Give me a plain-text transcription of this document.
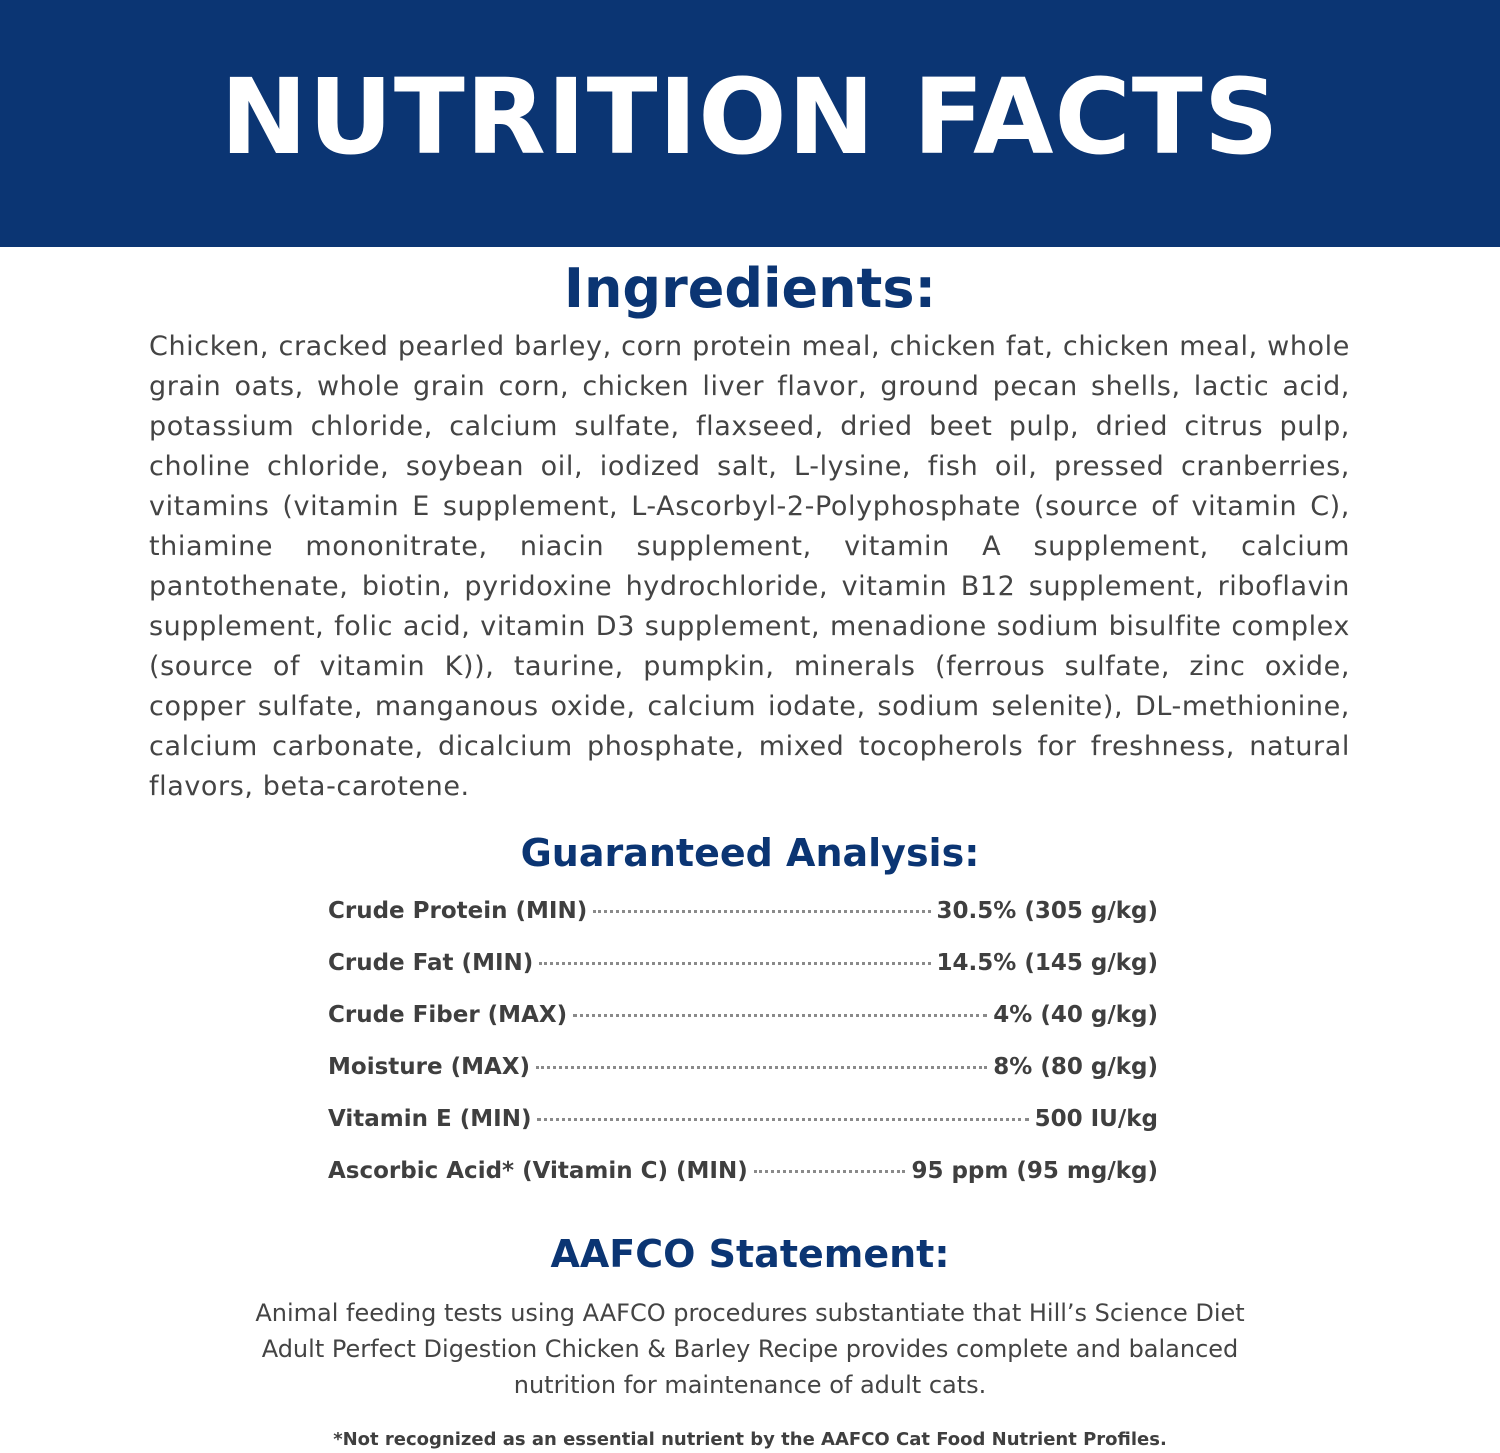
NUTRITION FACTS
Ingredients:
Chicken, cracked pearled barley, corn protein meal, chicken fat, chicken meal, whole grain oats, whole grain corn, chicken liver flavor, ground pecan shells, lactic acid, potassium chloride, calcium sulfate, flaxseed, dried beet pulp, dried citrus pulp, choline chloride, soybean oil, iodized salt, L-lysine, fish oil, pressed cranberries, vitamins (vitamin E supplement, L-Ascorbyl-2-Polyphosphate (source of vitamin C), thiamine mononitrate, niacin supplement, vitamin A supplement, calcium pantothenate, biotin, pyridoxine hydrochloride, vitamin B12 supplement, riboflavin supplement, folic acid, vitamin D3 supplement, menadione sodium bisulfite complex (source of vitamin K)), taurine, pumpkin, minerals (ferrous sulfate, zinc oxide, copper sulfate, manganous oxide, calcium iodate, sodium selenite), DL-methionine, calcium carbonate, dicalcium phosphate, mixed tocopherols for freshness, natural flavors, beta-carotene.
Guaranteed Analysis:
Crude Protein (MIN)	30.5% (305 g/kg)
Crude Fat (MIN)	14.5% (145 g/kg)
Crude Fiber (MAX)	4% (40 g/kg)
Moisture (MAX)	8% (80 g/kg)
Vitamin E (MIN)	500 IU/kg
Ascorbic Acid* (Vitamin C) (MIN)	95 ppm (95 mg/kg)
AAFCO Statement:
Animal feeding tests using AAFCO procedures substantiate that Hill’s Science Diet Adult Perfect Digestion Chicken & Barley Recipe provides complete and balanced nutrition for maintenance of adult cats.
*Not recognized as an essential nutrient by the AAFCO Cat Food Nutrient Profiles.
